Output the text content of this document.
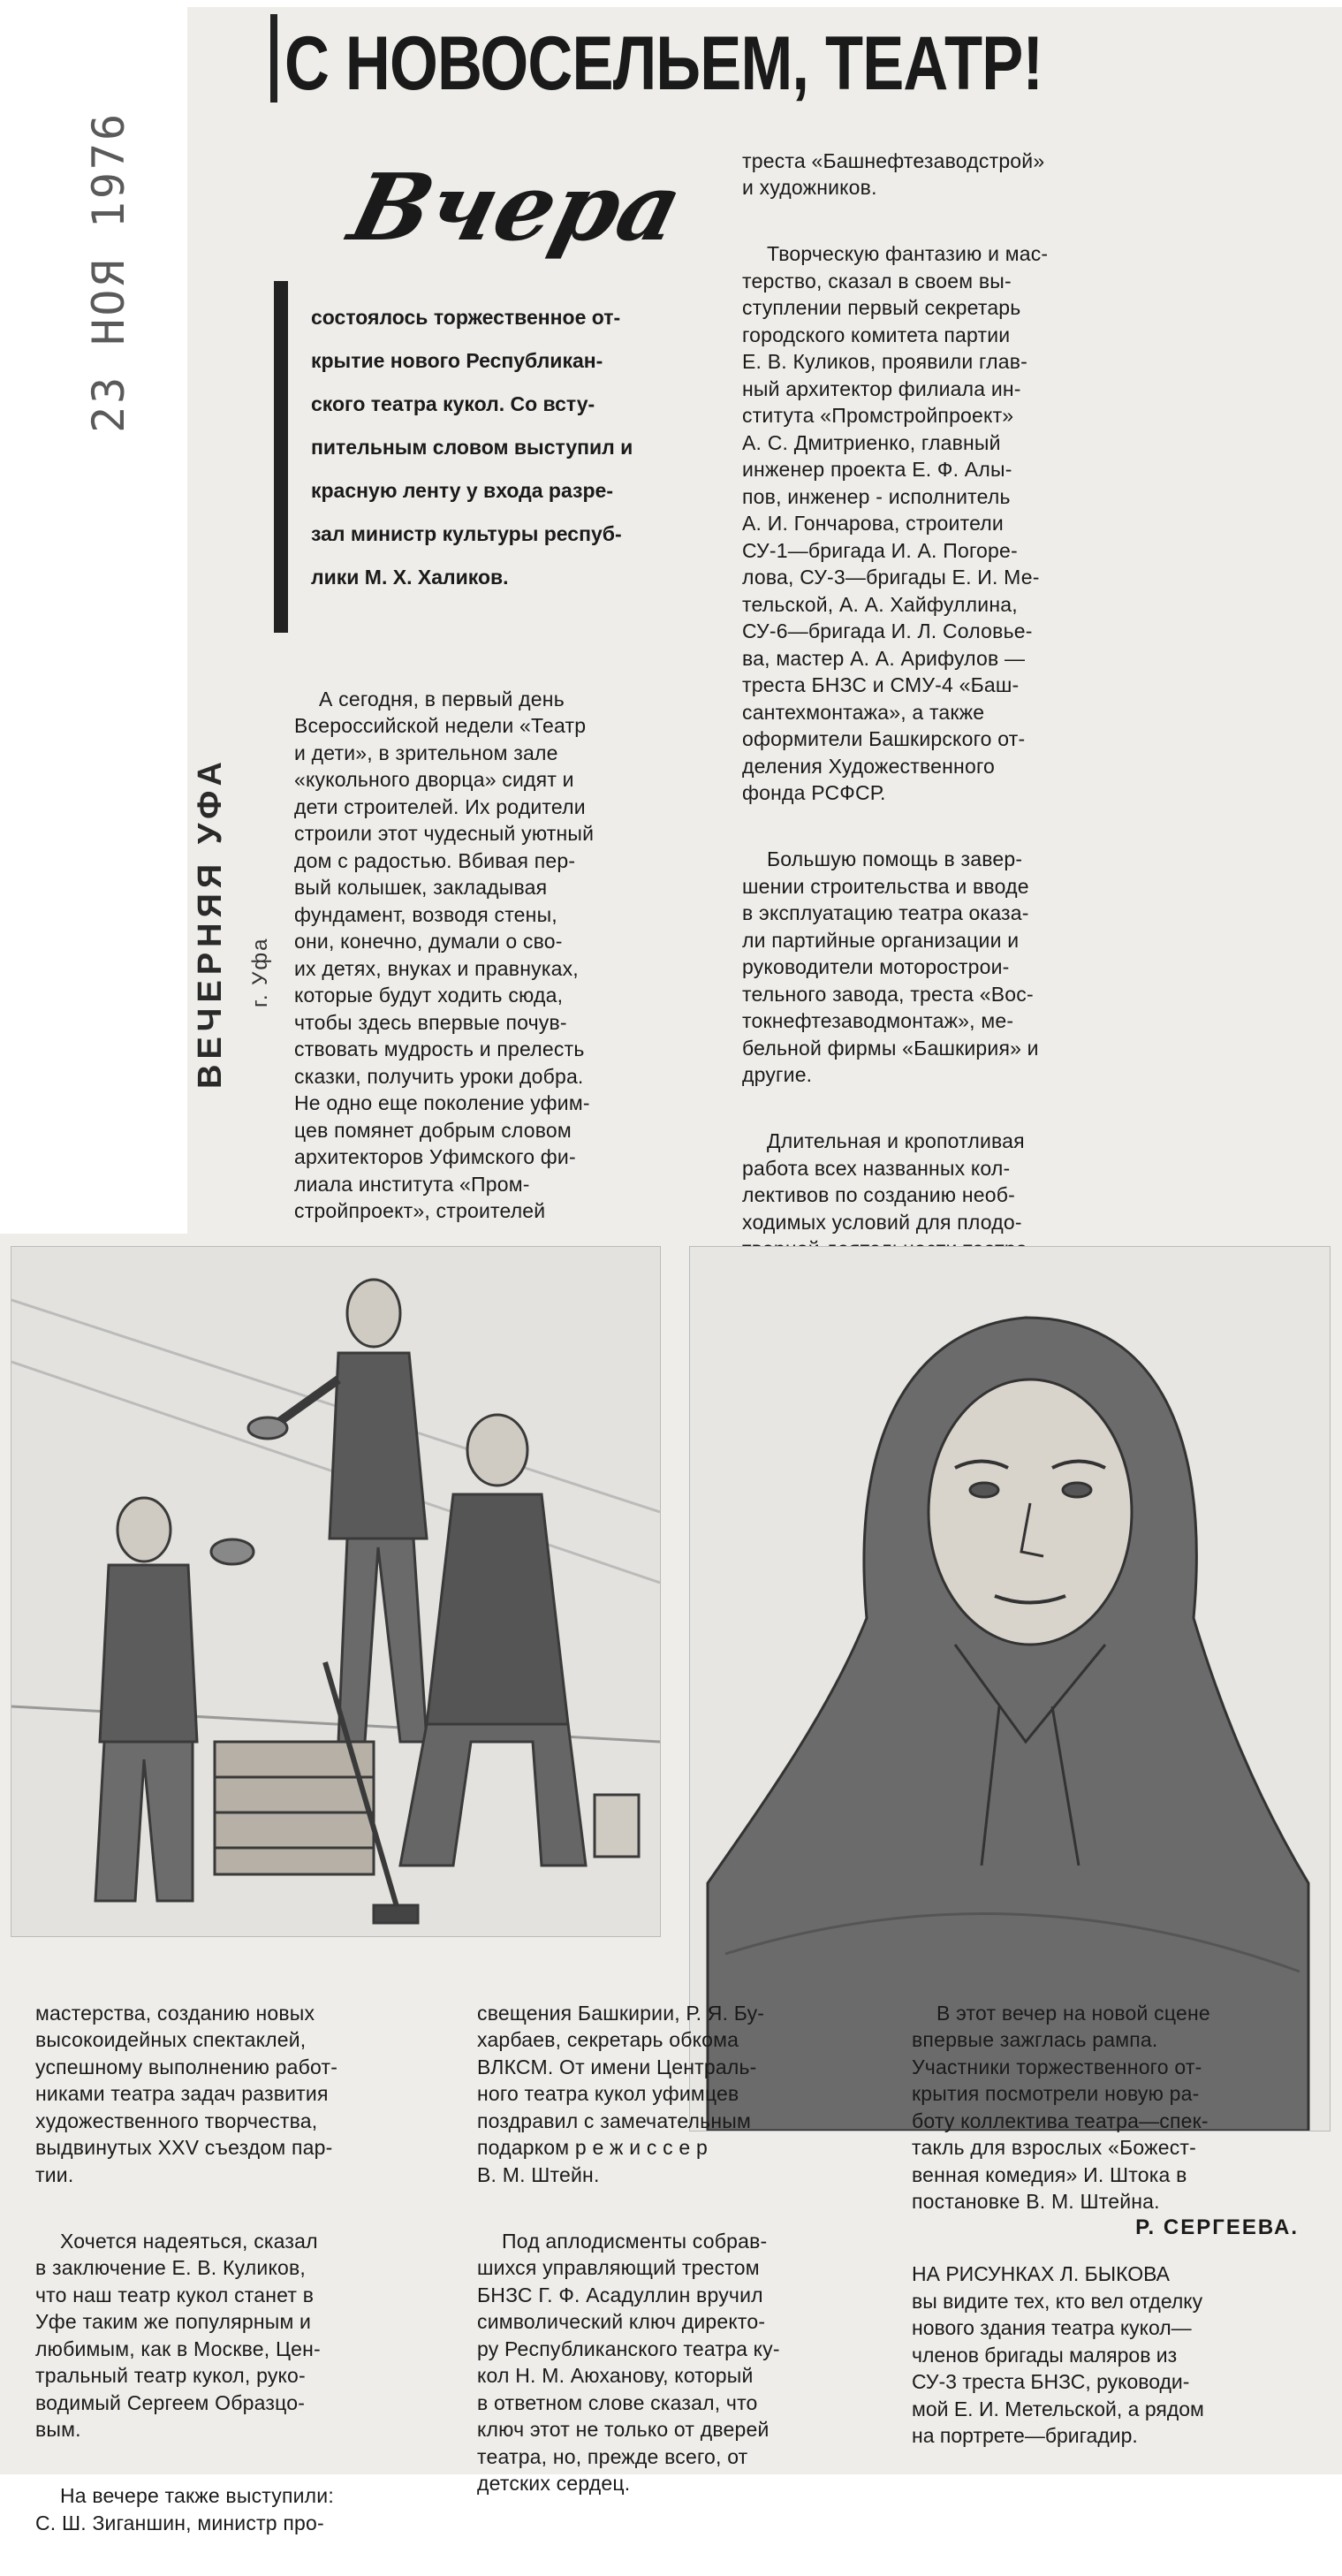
С НОВОСЕЛЬЕМ, ТЕАТР!
Вчера
состоялось торжественное от-
крытие нового Республикан-
ского театра кукол. Со всту-
пительным словом выступил и
красную ленту у входа разре-
зал министр культуры респуб-
лики М. Х. Халиков.
23 НОЯ 1976
ВЕЧЕРНЯЯ УФА г. Уфа

А сегодня, в первый день
Всероссийской недели «Театр
и дети», в зрительном зале
«кукольного дворца» сидят и
дети строителей. Их родители
строили этот чудесный уютный
дом с радостью. Вбивая пер-
вый колышек, закладывая
фундамент, возводя стены,
они, конечно, думали о сво-
их детях, внуках и правнуках,
которые будут ходить сюда,
чтобы здесь впервые почув-
ствовать мудрость и прелесть
сказки, получить уроки добра.
Не одно еще поколение уфим-
цев помянет добрым словом
архитекторов Уфимского фи-
лиала института «Пром-
стройпроект», строителей

треста «Башнефтезаводстрой»
и художников.

Творческую фантазию и мас-
терство, сказал в своем вы-
ступлении первый секретарь
городского комитета партии
Е. В. Куликов, проявили глав-
ный архитектор филиала ин-
ститута «Промстройпроект»
А. С. Дмитриенко, главный
инженер проекта Е. Ф. Алы-
пов, инженер - исполнитель
А. И. Гончарова, строители
СУ-1—бригада И. А. Погоре-
лова, СУ-3—бригады Е. И. Ме-
тельской, А. А. Хайфуллина,
СУ-6—бригада И. Л. Соловье-
ва, мастер А. А. Арифулов —
треста БНЗС и СМУ-4 «Баш-
сантехмонтажа», а также
оформители Башкирского от-
деления Художественного
фонда РСФСР.

Большую помощь в завер-
шении строительства и вводе
в эксплуатацию театра оказа-
ли партийные организации и
руководители моторострои-
тельного завода, треста «Вос-
токнефтезаводмонтаж», ме-
бельной фирмы «Башкирия» и
другие.

Длительная и кропотливая
работа всех названных кол-
лективов по созданию необ-
ходимых условий для плодо-

мастерства, созданию новых
высокоидейных спектаклей,
успешному выполнению работ-
никами театра задач развития
художественного творчества,
выдвинутых XXV съездом пар-
тии.

Хочется надеяться, сказал
в заключение Е. В. Куликов,
что наш театр кукол станет в
Уфе таким же популярным и
любимым, как в Москве, Цен-
тральный театр кукол, руко-
водимый Сергеем Образцо-
вым.

На вечере также выступили:
С. Ш. Зиганшин, министр про-

свещения Башкирии, Р. Я. Бу-
харбаев, секретарь обкома
ВЛКСМ. От имени Централь-
ного театра кукол уфимцев
поздравил с замечательным
подарком р е ж и с с е р
В. М. Штейн.

Под аплодисменты собрав-
шихся управляющий трестом
БНЗС Г. Ф. Асадуллин вручил
символический ключ директо-
ру Республиканского театра ку-
кол Н. М. Аюханову, который
в ответном слове сказал, что
ключ этот не только от дверей
театра, но, прежде всего, от
детских сердец.

В этот вечер на новой сцене
впервые зажглась рампа.
Участники торжественного от-
крытия посмотрели новую ра-
боту коллектива театра—спек-
такль для взрослых «Божест-
венная комедия» И. Штока в
постановке В. М. Штейна.

Р. СЕРГЕЕВА.
НА РИСУНКАХ Л. БЫКОВА
вы видите тех, кто вел отделку
нового здания театра кукол—
членов бригады маляров из
СУ-3 треста БНЗС, руководи-
мой Е. И. Метельской, а рядом
на портрете—бригадир.
